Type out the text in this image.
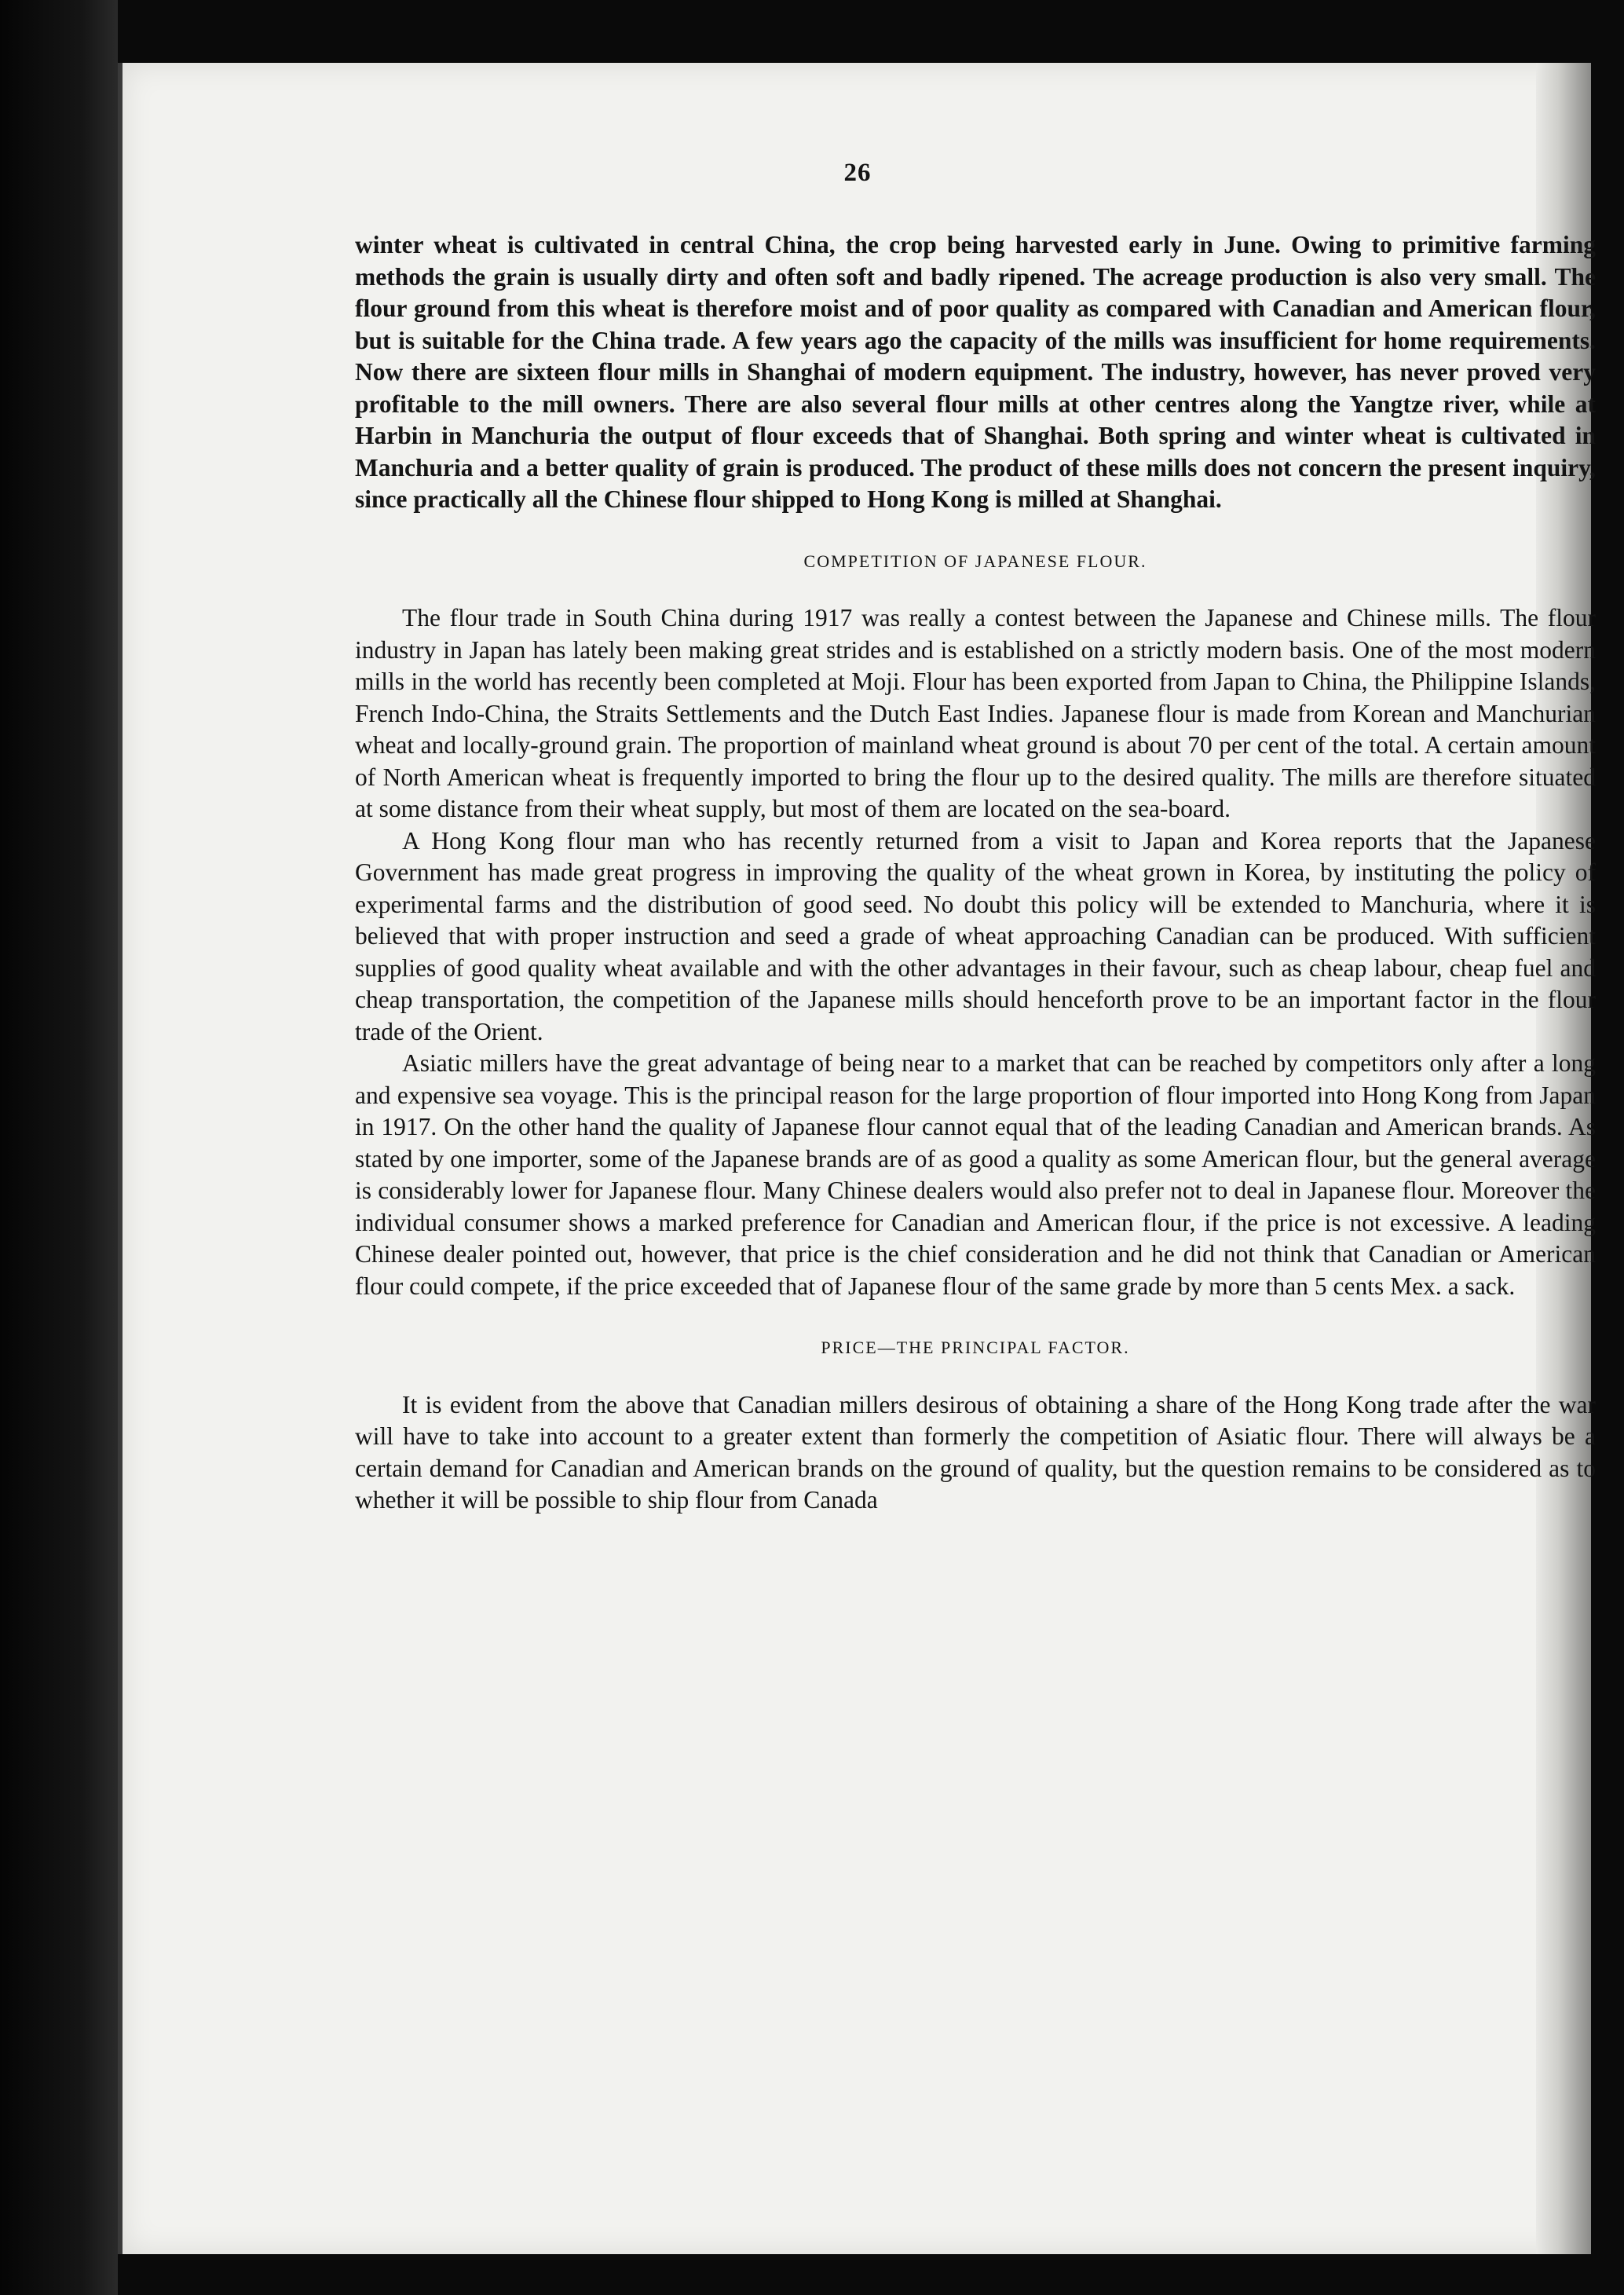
26

winter wheat is cultivated in central China, the crop being harvested early in June. Owing to primitive farming methods the grain is usually dirty and often soft and badly ripened. The acreage production is also very small. The flour ground from this wheat is therefore moist and of poor quality as compared with Canadian and American flour, but is suitable for the China trade. A few years ago the capacity of the mills was insufficient for home requirements. Now there are sixteen flour mills in Shanghai of modern equipment. The industry, however, has never proved very profitable to the mill owners. There are also several flour mills at other centres along the Yangtze river, while at Harbin in Manchuria the output of flour exceeds that of Shanghai. Both spring and winter wheat is cultivated in Manchuria and a better quality of grain is produced. The product of these mills does not concern the present inquiry, since practically all the Chinese flour shipped to Hong Kong is milled at Shanghai.

COMPETITION OF JAPANESE FLOUR.

The flour trade in South China during 1917 was really a contest between the Japanese and Chinese mills. The flour industry in Japan has lately been making great strides and is established on a strictly modern basis. One of the most modern mills in the world has recently been completed at Moji. Flour has been exported from Japan to China, the Philippine Islands, French Indo-China, the Straits Settlements and the Dutch East Indies. Japanese flour is made from Korean and Manchurian wheat and locally-ground grain. The proportion of mainland wheat ground is about 70 per cent of the total. A certain amount of North American wheat is frequently imported to bring the flour up to the desired quality. The mills are therefore situated at some distance from their wheat supply, but most of them are located on the sea-board.

A Hong Kong flour man who has recently returned from a visit to Japan and Korea reports that the Japanese Government has made great progress in improving the quality of the wheat grown in Korea, by instituting the policy of experimental farms and the distribution of good seed. No doubt this policy will be extended to Manchuria, where it is believed that with proper instruction and seed a grade of wheat approaching Canadian can be produced. With sufficient supplies of good quality wheat available and with the other advantages in their favour, such as cheap labour, cheap fuel and cheap transportation, the competition of the Japanese mills should henceforth prove to be an important factor in the flour trade of the Orient.

Asiatic millers have the great advantage of being near to a market that can be reached by competitors only after a long and expensive sea voyage. This is the principal reason for the large proportion of flour imported into Hong Kong from Japan in 1917. On the other hand the quality of Japanese flour cannot equal that of the leading Canadian and American brands. As stated by one importer, some of the Japanese brands are of as good a quality as some American flour, but the general average is considerably lower for Japanese flour. Many Chinese dealers would also prefer not to deal in Japanese flour. Moreover the individual consumer shows a marked preference for Canadian and American flour, if the price is not excessive. A leading Chinese dealer pointed out, however, that price is the chief consideration and he did not think that Canadian or American flour could compete, if the price exceeded that of Japanese flour of the same grade by more than 5 cents Mex. a sack.

PRICE—THE PRINCIPAL FACTOR.

It is evident from the above that Canadian millers desirous of obtaining a share of the Hong Kong trade after the war will have to take into account to a greater extent than formerly the competition of Asiatic flour. There will always be a certain demand for Canadian and American brands on the ground of quality, but the question remains to be considered as to whether it will be possible to ship flour from Canada
